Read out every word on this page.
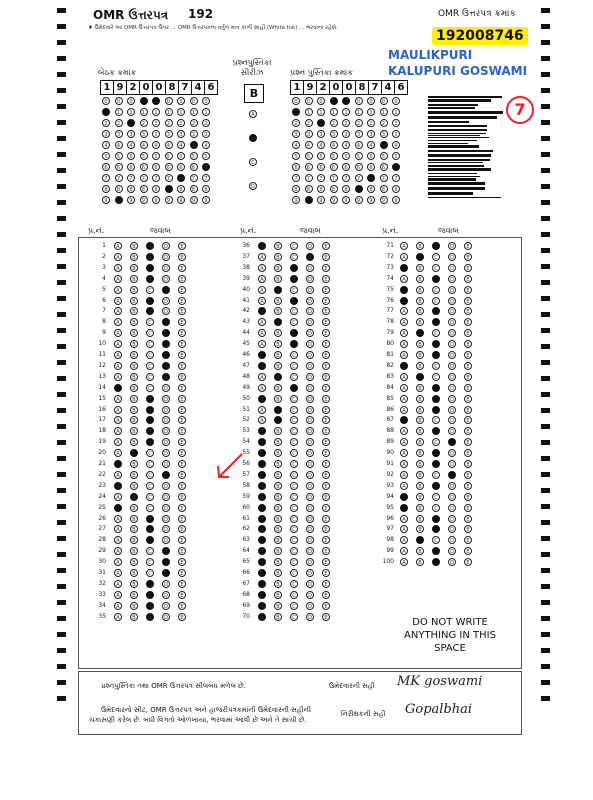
OMR ઉત્તરપત્ર 192	OMR ઉત્તરપત્ર ક્રમાંક
192008746
MAULIKPURI KALUPURI GOSWAMI
♦ ઉમેદવારે આ OMR ઉત્તરપત્ર ઉપર ... OMR ઉત્તરપત્રના વર્તુળ માત્ર કાળી શાહી (White Ink) ... ભરવાના રહેશે.
બેઠક ક્રમાંક
1 9 2 0 0 8 7 4 6
પ્રશ્નપુસ્તિકા સીરીઝ
B
પ્રશ્ન પુસ્તિકા ક્રમાંક
1 9 2 0 0 8 7 4 6
7
પ્ર.નં.	જવાબ	પ્ર.નં.	જવાબ	પ્ર.નં.	જવાબ
DO NOT WRITE ANYTHING IN THIS SPACE
પ્રશ્નપુસ્તિકા તથા OMR ઉત્તરપત્ર સીલબંધ મળેલ છે.	ઉમેદવારની સહી MK goswami
ઉમેદવારનો સીટ, OMR ઉત્તરપત્ર અને હાજરીપત્રકમાંની ઉમેદવારની સહીની
ચકાસણી કરેલ છે. બધી વિગતો ઓળખાયા, ભરવામાં આવી છે અને તે સાચી છે.
નિરીક્ષકની સહી Gopalbhai
0	0	0	0	0	0	0
1	1	1	1	1	1	1	1
2	2	2	2	2	2	2	2
3	3	3	3	3	3	3	3	3
4	4	4	4	4	4	4	4
5	5	5	5	5	5	5	5	5
6	6	6	6	6	6	6	6
7	7	7	7	7	7	7	7
8	8	8	8	8	8	8	8
9	9	9	9	9	9	9	9
0	0	0	0	0	0	0
1	1	1	1	1	1	1	1
2	2	2	2	2	2	2	2
3	3	3	3	3	3	3	3	3
4	4	4	4	4	4	4	4
5	5	5	5	5	5	5	5	5
6	6	6	6	6	6	6	6
7	7	7	7	7	7	7	7
8	8	8	8	8	8	8	8
9	9	9	9	9	9	9	9
A
C
D
1	A	B	D	E
2	A	B	D	E
3	A	B	D	E
4	A	B	D	E
5	A	B	C	E
6	A	B	D	E
7	A	B	D	E
8	A	B	C	E
9	A	B	C	E
10	A	B	C	E
11	A	B	C	E
12	A	B	C	E
13	A	B	C	E
14	B	C	D	E
15	A	B	D	E
16	A	B	D	E
17	A	B	D	E
18	A	B	D	E
19	A	B	D	E
20	A	C	D	E
21	B	C	D	E
22	A	B	C	E
23	B	C	D	E
24	A	C	D	E
25	B	C	D	E
26	A	B	D	E
27	A	B	D	E
28	A	B	D	E
29	A	B	C	E
30	A	B	C	E
31	A	B	C	E
32	A	B	D	E
33	A	B	D	E
34	A	B	D	E
35	A	B	D	E
36	B	C	D	E
37	A	B	C	E
38	A	B	D	E
39	A	B	D	E
40	A	C	D	E
41	A	B	D	E
42	B	C	D	E
43	A	C	D	E
44	A	B	D	E
45	A	B	D	E
46	B	C	D	E
47	B	C	D	E
48	A	C	D	E
49	A	B	D	E
50	B	C	D	E
51	A	C	D	E
52	A	C	D	E
53	B	C	D	E
54	B	C	D	E
55	B	C	D	E
56	B	C	D	E
57	B	C	D	E
58	B	C	D	E
59	B	C	D	E
60	B	C	D	E
61	B	C	D	E
62	B	C	D	E
63	B	C	D	E
64	B	C	D	E
65	B	C	D	E
66	B	C	D	E
67	B	C	D	E
68	B	C	D	E
69	B	C	D	E
70	B	C	D	E
71	A	B	D	E
72	A	C	D	E
73	B	C	D	E
74	A	B	D	E
75	B	C	D	E
76	B	C	D	E
77	A	B	D	E
78	A	B	D	E
79	A	C	D	E
80	A	B	D	E
81	A	B	D	E
82	B	C	D	E
83	A	C	D	E
84	A	B	D	E
85	A	B	D	E
86	A	B	D	E
87	B	C	D	E
88	A	B	D	E
89	A	B	C	E
90	A	B	D	E
91	A	B	D	E
92	A	B	C	E
93	A	B	D	E
94	B	C	D	E
95	B	C	D	E
96	A	B	D	E
97	A	B	D	E
98	A	C	D	E
99	A	B	D	E
100	A	B	D	E
